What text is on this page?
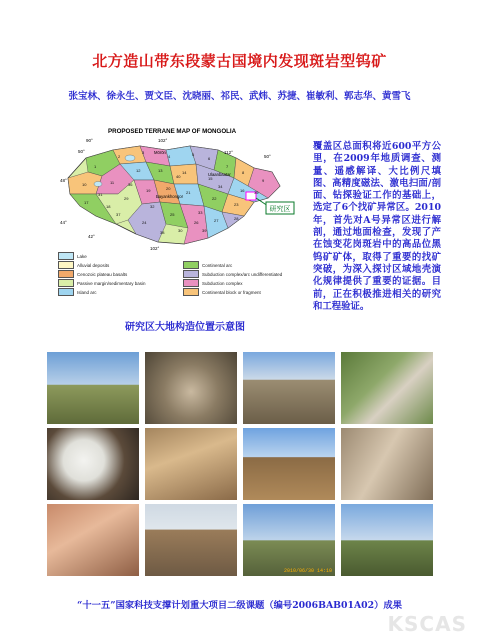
北方造山带东段蒙古国境内发现斑岩型钨矿
张宝林、徐永生、贾文臣、沈晓丽、祁民、武炜、苏捷、崔敏利、郭志华、黄雪飞
PROPOSED TERRANE MAP OF MONGOLIA
研究区
50°
48°
44°
42°
90°	102°
102°
112°
50°
Ulaanbaatar
Bayankhongor
Mörön
1
2
3
4	5
6
7
8
9
10	11
12	13	14
15
16
17
18
19	20
21
22
23
24
25
26	27	28
29
30
31
32
33
34
35
36
37
38	39
40
Lake
Alluvial deposits
Cenozoic plateau basalts
Passive margin/sedimentary basin
Island arc
Continental arc
Subduction complex/arc undifferentiated
Subduction complex
Continental block or fragment
研究区大地构造位置示意图
覆盖区总面积将近600平方公里，在2009年地质调查、测量、遥感解译、大比例尺填图、高精度磁法、激电扫面/剖面、钻探验证工作的基础上，选定了6个找矿异常区。2010年，首先对A号异常区进行解剖，通过地面检查，发现了产在蚀变花岗斑岩中的高品位黑钨矿矿体，取得了重要的找矿突破，为深入探讨区域地壳演化规律提供了重要的证据。目前，正在积极推进相关的研究和工程验证。
2010/06/30 14:10
“十一五”国家科技支撑计划重大项目二级课题（编号2006BAB01A02）成果
KSCAS
